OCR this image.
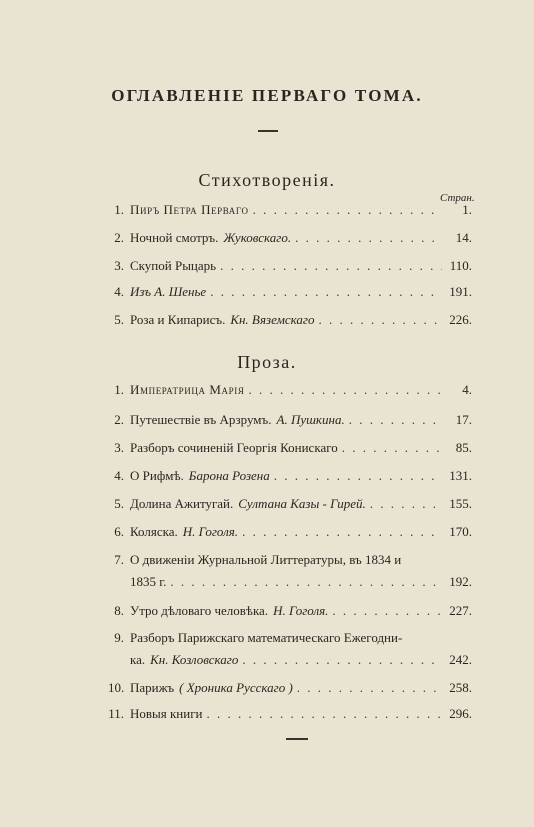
ОГЛАВЛЕНІЕ ПЕРВАГО ТОМА.
Стихотворенія.
Стран.
1. Пиръ Петра Перваго . . .	1.
2. Ночной смотръ. Жуковскаго. . . .	14.
3. Скупой Рыцарь . . .	110.
4. Изъ А. Шенье . . .	191.
5. Роза и Кипарисъ. Кн. Вяземскаго . . .	226.
Проза.
1. Императрица Марія . . .	4.
2. Путешествіе въ Арзрумъ. А. Пушкина. . . .	17.
3. Разборъ сочиненій Георгія Конискаго . . .	85.
4. О Рифмѣ. Барона Розена . . .	131.
5. Долина Ажитугай. Султана Казы - Гирей. . . .	155.
6. Коляска. Н. Гоголя. . . .	170.
7. О движеніи Журнальной Литтературы, въ 1834 и
1835 г. . . .	192.
8. Утро дѣловаго человѣка. Н. Гоголя. . . .	227.
9. Разборъ Парижскаго математическаго Ежегодни-
ка. Кн. Козловскаго . . .	242.
10. Парижъ ( Хроника Русскаго ) . . .	258.
11. Новыя книги . . .	296.
